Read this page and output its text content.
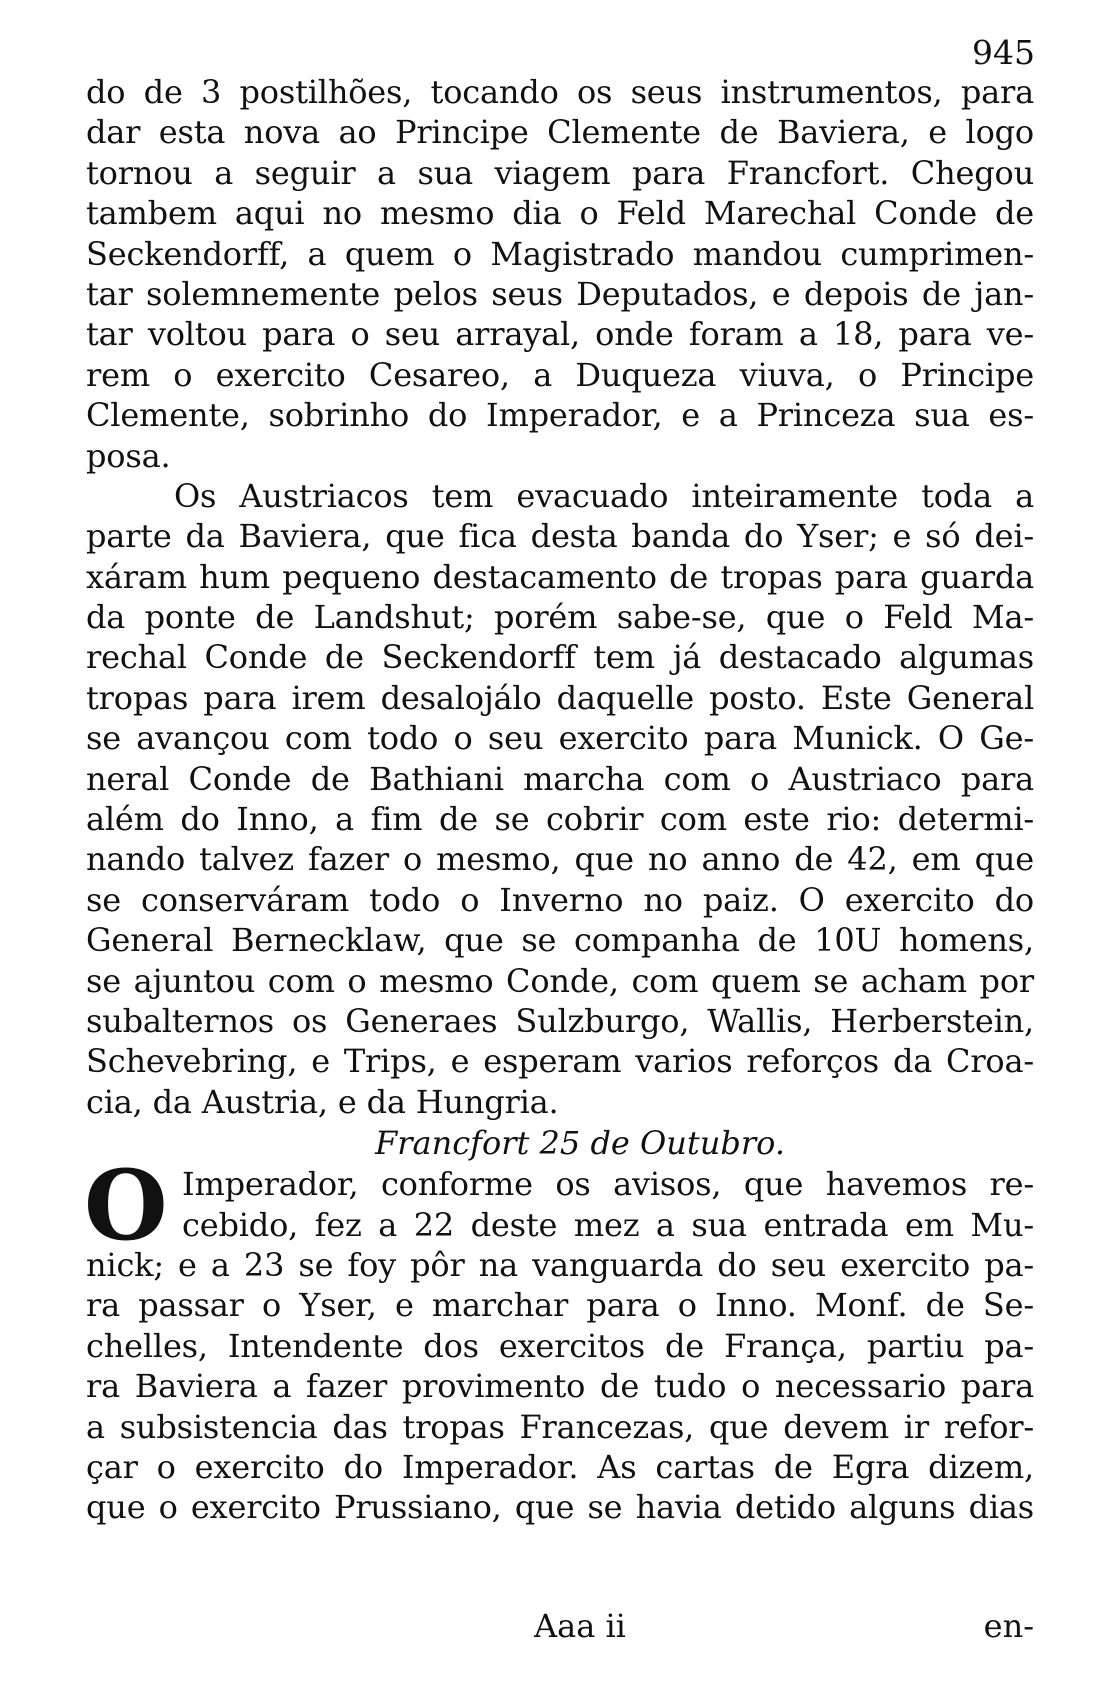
945
do de 3 postilhões, tocando os seus instrumentos, para
dar esta nova ao Principe Clemente de Baviera, e logo
tornou a seguir a sua viagem para Francfort. Chegou
tambem aqui no mesmo dia o Feld Marechal Conde de
Seckendorff, a quem o Magistrado mandou cumprimen-
tar solemnemente pelos seus Deputados, e depois de jan-
tar voltou para o seu arrayal, onde foram a 18, para ve-
rem o exercito Cesareo, a Duqueza viuva, o Principe
Clemente, sobrinho do Imperador, e a Princeza sua es-
posa.
Os Austriacos tem evacuado inteiramente toda a
parte da Baviera, que fica desta banda do Yser; e só dei-
xáram hum pequeno destacamento de tropas para guarda
da ponte de Landshut; porém sabe-se, que o Feld Ma-
rechal Conde de Seckendorff tem já destacado algumas
tropas para irem desalojálo daquelle posto. Este General
se avançou com todo o seu exercito para Munick. O Ge-
neral Conde de Bathiani marcha com o Austriaco para
além do Inno, a fim de se cobrir com este rio: determi-
nando talvez fazer o mesmo, que no anno de 42, em que
se conserváram todo o Inverno no paiz. O exercito do
General Bernecklaw, que se companha de 10U homens,
se ajuntou com o mesmo Conde, com quem se acham por
subalternos os Generaes Sulzburgo, Wallis, Herberstein,
Schevebring, e Trips, e esperam varios reforços da Croa-
cia, da Austria, e da Hungria.
Francfort 25 de Outubro.
O Imperador, conforme os avisos, que havemos re-
cebido, fez a 22 deste mez a sua entrada em Mu-
nick; e a 23 se foy pôr na vanguarda do seu exercito pa-
ra passar o Yser, e marchar para o Inno. Monf. de Se-
chelles, Intendente dos exercitos de França, partiu pa-
ra Baviera a fazer provimento de tudo o necessario para
a subsistencia das tropas Francezas, que devem ir refor-
çar o exercito do Imperador. As cartas de Egra dizem,
que o exercito Prussiano, que se havia detido alguns dias
Aaa ii	en-
